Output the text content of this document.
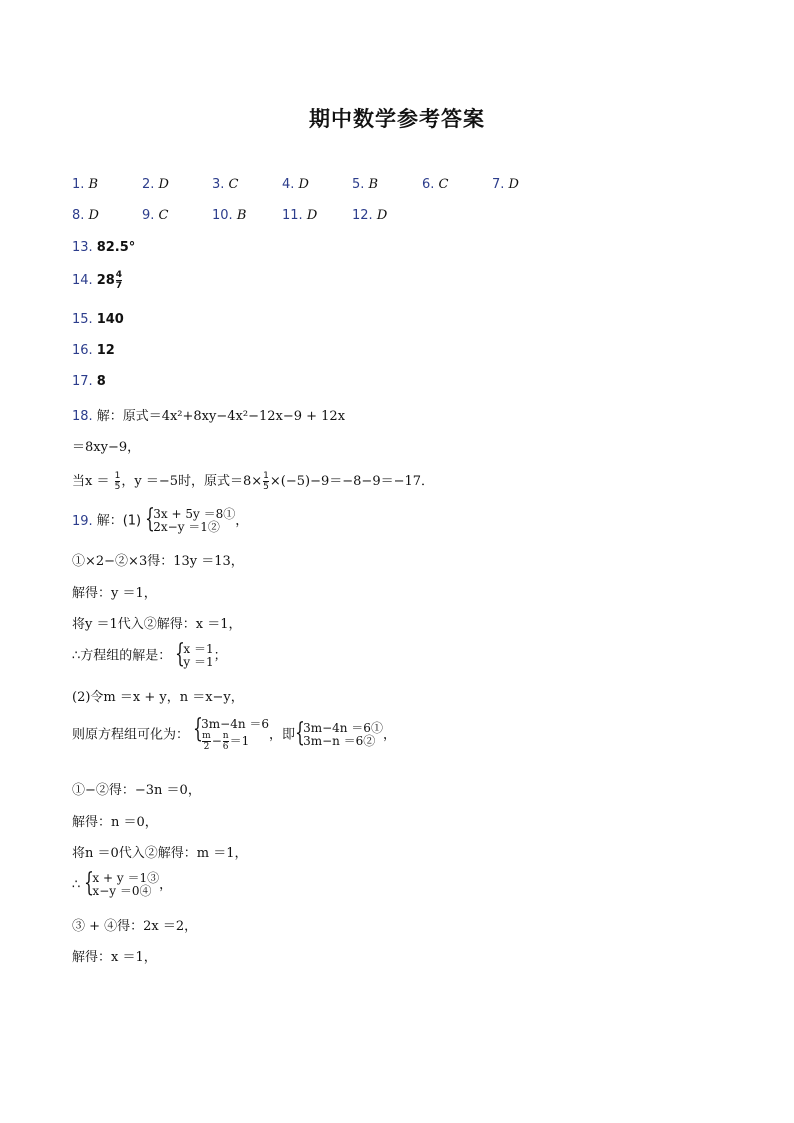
期中数学参考答案
1. B	2. D	3. C	4. D	5. B	6. C	7. D
8. D	9. C	10. B	11. D	12. D
13. 82.5°
14. $28 \frac{4}{7}$
15. 140
16. 12
17. 8
18. 解：原式＝4x²+8xy−4x²−12x−9 + 12x
＝8xy−9，
当$x = \frac{1}{5}$ ，y ＝−5时，原式$=8\times \frac{1}{5} \times(-5)-9=-8-9=-17$．
19. 解：(1) {
3x + 5y ＝8①
2x−y ＝1②	，
①×2−②×3得：13y ＝13，
解得：y ＝1，
将y ＝1代入②解得：x ＝1，
∴方程组的解是： {
x ＝1
y ＝1 ；
(2)令m ＝x + y，n ＝x−y，
则原方程组可化为： {
3m−4n ＝6
$\frac{m}{2} - \frac{n}{6} =1$	，即 {
3m−4n ＝6①
3m−n ＝6② ，
①−②得：−3n ＝0，
解得：n ＝0，
将n ＝0代入②解得：m ＝1，
∴ {
x + y ＝1③
x−y ＝0④ ，
③ + ④得：2x ＝2，
解得：x ＝1，
